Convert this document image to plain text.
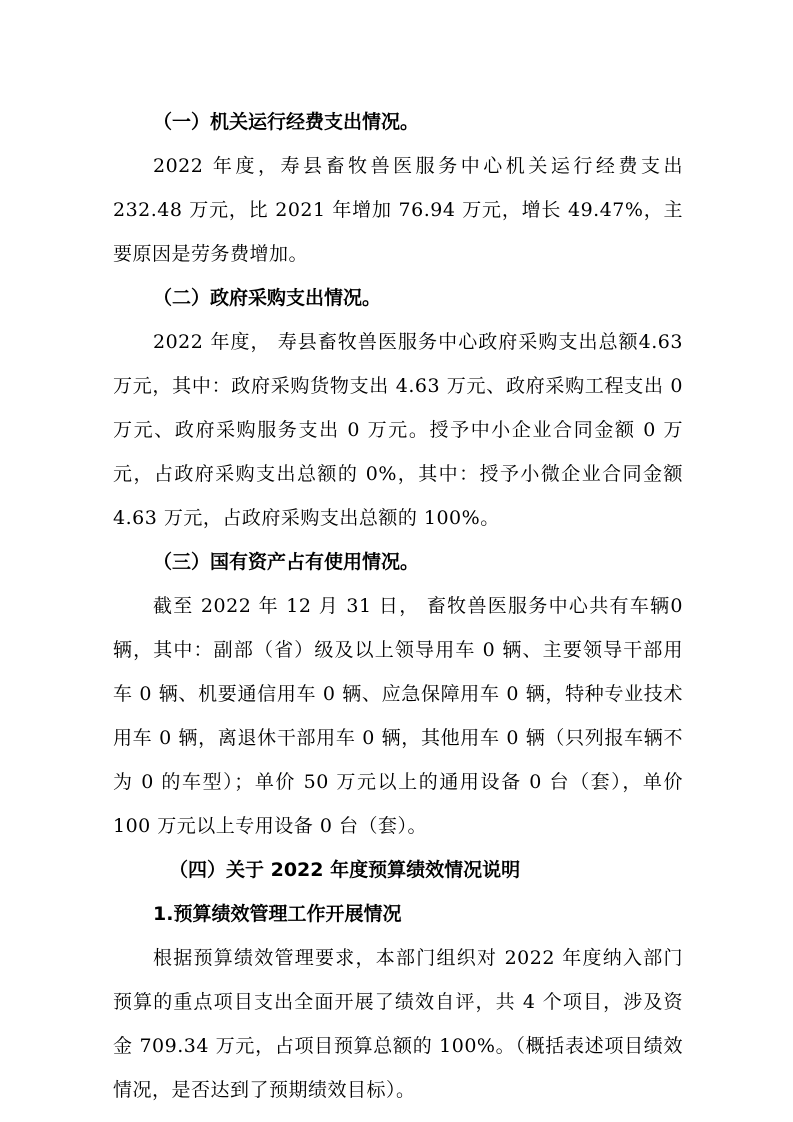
（一）机关运行经费支出情况。

2022 年度，寿县畜牧兽医服务中心机关运行经费支出232.48 万元，比 2021 年增加 76.94 万元，增长 49.47%，主要原因是劳务费增加。

（二）政府采购支出情况。

2022 年度， 寿县畜牧兽医服务中心政府采购支出总额4.63 万元，其中：政府采购货物支出 4.63 万元、政府采购工程支出 0 万元、政府采购服务支出 0 万元。授予中小企业合同金额 0 万元，占政府采购支出总额的 0%，其中：授予小微企业合同金额 4.63 万元，占政府采购支出总额的 100%。

（三）国有资产占有使用情况。

截至 2022 年 12 月 31 日， 畜牧兽医服务中心共有车辆0 辆，其中：副部（省）级及以上领导用车 0 辆、主要领导干部用车 0 辆、机要通信用车 0 辆、应急保障用车 0 辆，特种专业技术用车 0 辆，离退休干部用车 0 辆，其他用车 0 辆（只列报车辆不为 0 的车型）；单价 50 万元以上的通用设备 0 台（套），单价 100 万元以上专用设备 0 台（套）。

（四）关于 2022 年度预算绩效情况说明

1.预算绩效管理工作开展情况

根据预算绩效管理要求，本部门组织对 2022 年度纳入部门预算的重点项目支出全面开展了绩效自评，共 4 个项目，涉及资金 709.34 万元，占项目预算总额的 100%。（概括表述项目绩效情况，是否达到了预期绩效目标）。
